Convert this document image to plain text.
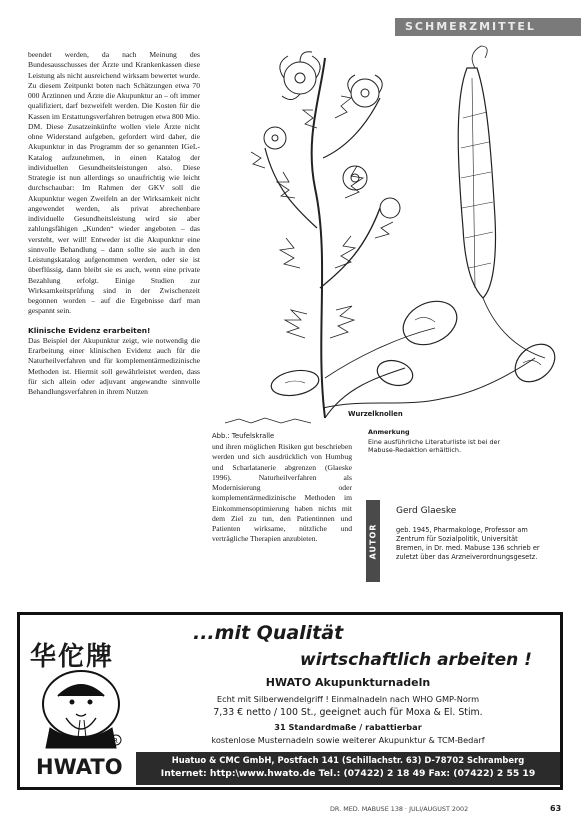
SCHMERZMITTEL

beendet werden, da nach Meinung des Bundesausschusses der Ärzte und Krankenkassen diese Leistung als nicht ausreichend wirksam bewertet wurde. Zu diesem Zeitpunkt boten nach Schätzungen etwa 70 000 Ärztinnen und Ärzte die Akupunktur an – oft immer qualifiziert, darf bezweifelt werden. Die Kosten für die Kassen im Erstattungsverfahren betrugen etwa 800 Mio. DM. Diese Zusatzeinkünfte wollen viele Ärzte nicht ohne Widerstand aufgeben, gefordert wird daher, die Akupunktur in das Programm der so genannten IGeL-Katalog aufzunehmen, in einen Katalog der individuellen Gesundheitsleistungen also. Diese Strategie ist nun allerdings so unaufrichtig wie leicht durchschaubar: Im Rahmen der GKV soll die Akupunktur wegen Zweifeln an der Wirksamkeit nicht angewendet werden, als privat abrechenbare individuelle Gesundheitsleistung wird sie aber zahlungsfähigen „Kunden“ wieder angeboten – das versteht, wer will! Entweder ist die Akupunktur eine sinnvolle Behandlung – dann sollte sie auch in den Leistungskatalog aufgenommen werden, oder sie ist überflüssig, dann bleibt sie es auch, wenn eine private Bezahlung erfolgt. Einige Studien zur Wirksamkeitsprüfung sind in der Zwischenzeit begonnen worden – auf die Ergebnisse darf man gespannt sein.

Klinische Evidenz erarbeiten!

Das Beispiel der Akupunktur zeigt, wie notwendig die Erarbeitung einer klinischen Evidenz auch für die Naturheilverfahren und für komplementärmedizinische Methoden ist. Hiermit soll gewährleistet werden, dass für sich allein oder adjuvant angewandte sinnvolle Behandlungsverfahren in ihrem Nutzen

Wurzelknollen
Abb.: Teufelskralle

und ihren möglichen Risiken gut beschrieben werden und sich ausdrücklich von Humbug und Scharlatanerie abgrenzen (Glaeske 1996). Naturheilverfahren als Modernisierung oder komplementärmedizinische Methoden im Einkommensoptimierung haben nichts mit dem Ziel zu tun, den Patientinnen und Patienten wirksame, nützliche und verträgliche Therapien anzubieten.

Anmerkung
Eine ausführliche Literaturliste ist bei der Mabuse-Redaktion erhältlich.
AUTOR
Gerd Glaeske
geb. 1945, Pharmakologe, Professor am Zentrum für Sozialpolitik, Universität Bremen, in Dr. med. Mabuse 136 schrieb er zuletzt über das Arzneiverordnungsgesetz.
华佗牌
R
HWATO
...mit Qualität
wirtschaftlich arbeiten !
HWATO Akupunkturnadeln
Echt mit Silberwendelgriff ! Einmalnadeln nach WHO GMP-Norm
7,33 € netto / 100 St., geeignet auch für Moxa & El. Stim.
31 Standardmaße / rabattierbar
kostenlose Musternadeln sowie weiterer Akupunktur & TCM-Bedarf
Huatuo & CMC GmbH, Postfach 141 (Schillachstr. 63) D-78702 Schramberg
Internet: http:\www.hwato.de Tel.: (07422) 2 18 49 Fax: (07422) 2 55 19
DR. MED. MABUSE 138 · JULI/AUGUST 2002	63
